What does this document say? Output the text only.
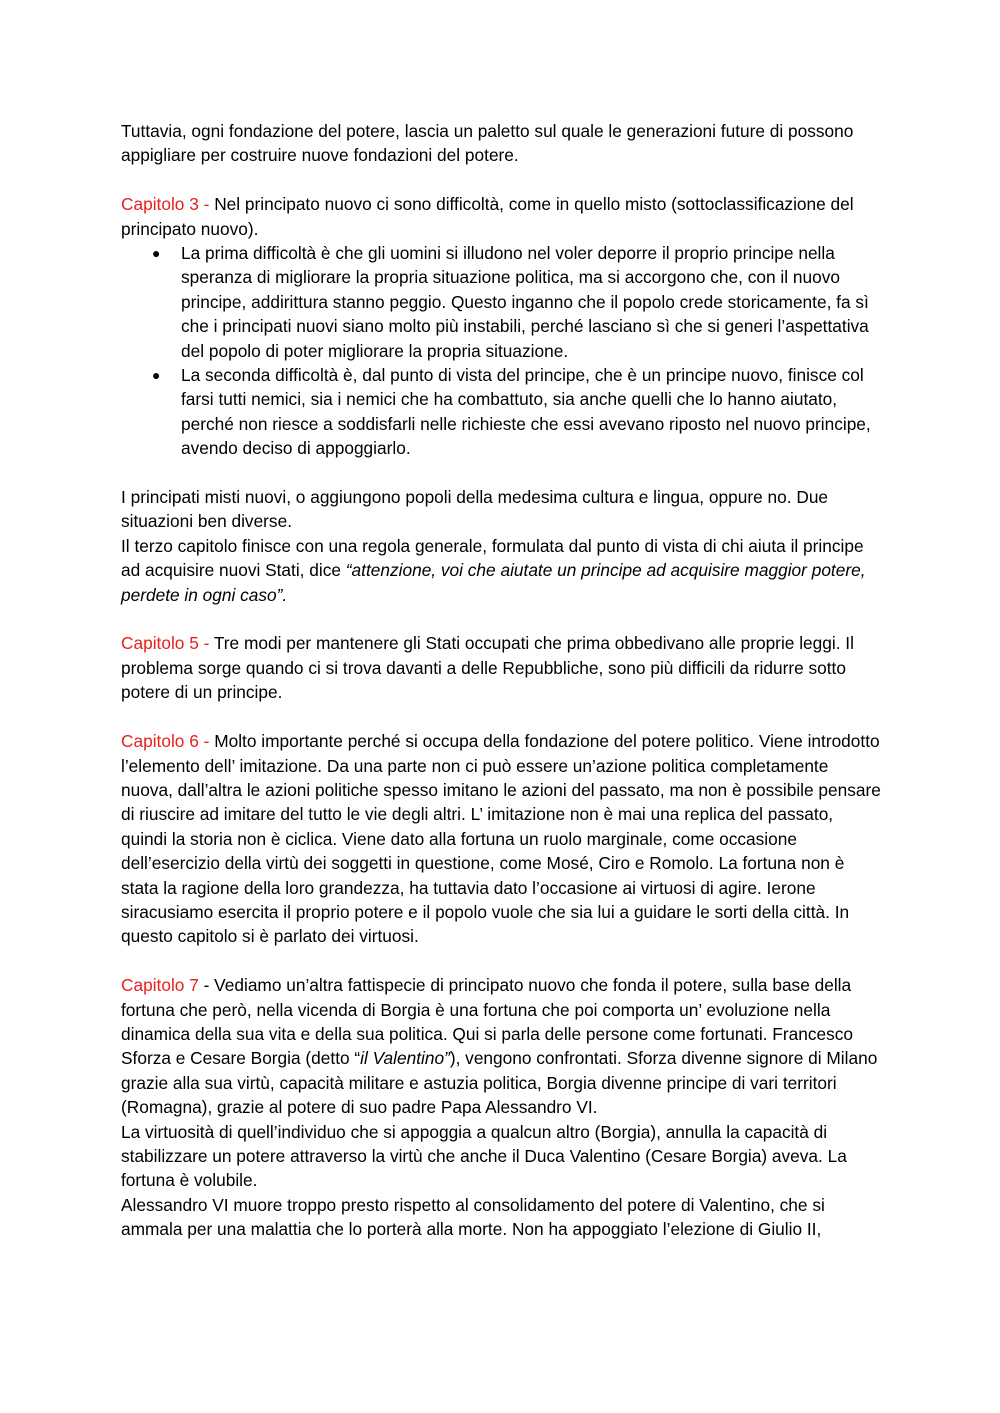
Tuttavia, ogni fondazione del potere, lascia un paletto sul quale le generazioni future di possono appigliare per costruire nuove fondazioni del potere.

Capitolo 3 - Nel principato nuovo ci sono difficoltà, come in quello misto (sottoclassificazione del principato nuovo).

● La prima difficoltà è che gli uomini si illudono nel voler deporre il proprio principe nella speranza di migliorare la propria situazione politica, ma si accorgono che, con il nuovo principe, addirittura stanno peggio. Questo inganno che il popolo crede storicamente, fa sì che i principati nuovi siano molto più instabili, perché lasciano sì che si generi l’aspettativa del popolo di poter migliorare la propria situazione.
● La seconda difficoltà è, dal punto di vista del principe, che è un principe nuovo, finisce col farsi tutti nemici, sia i nemici che ha combattuto, sia anche quelli che lo hanno aiutato, perché non riesce a soddisfarli nelle richieste che essi avevano riposto nel nuovo principe, avendo deciso di appoggiarlo.

I principati misti nuovi, o aggiungono popoli della medesima cultura e lingua, oppure no. Due situazioni ben diverse.

Il terzo capitolo finisce con una regola generale, formulata dal punto di vista di chi aiuta il principe ad acquisire nuovi Stati, dice “attenzione, voi che aiutate un principe ad acquisire maggior potere, perdete in ogni caso”.

Capitolo 5 - Tre modi per mantenere gli Stati occupati che prima obbedivano alle proprie leggi. Il problema sorge quando ci si trova davanti a delle Repubbliche, sono più difficili da ridurre sotto potere di un principe.

Capitolo 6 - Molto importante perché si occupa della fondazione del potere politico. Viene introdotto l’elemento dell’ imitazione. Da una parte non ci può essere un’azione politica completamente nuova, dall’altra le azioni politiche spesso imitano le azioni del passato, ma non è possibile pensare di riuscire ad imitare del tutto le vie degli altri. L’ imitazione non è mai una replica del passato, quindi la storia non è ciclica. Viene dato alla fortuna un ruolo marginale, come occasione dell’esercizio della virtù dei soggetti in questione, come Mosé, Ciro e Romolo. La fortuna non è stata la ragione della loro grandezza, ha tuttavia dato l’occasione ai virtuosi di agire. Ierone siracusiamo esercita il proprio potere e il popolo vuole che sia lui a guidare le sorti della città. In questo capitolo si è parlato dei virtuosi.

Capitolo 7 - Vediamo un’altra fattispecie di principato nuovo che fonda il potere, sulla base della fortuna che però, nella vicenda di Borgia è una fortuna che poi comporta un’ evoluzione nella dinamica della sua vita e della sua politica. Qui si parla delle persone come fortunati. Francesco Sforza e Cesare Borgia (detto “il Valentino”), vengono confrontati. Sforza divenne signore di Milano grazie alla sua virtù, capacità militare e astuzia politica, Borgia divenne principe di vari territori (Romagna), grazie al potere di suo padre Papa Alessandro VI.

La virtuosità di quell’individuo che si appoggia a qualcun altro (Borgia), annulla la capacità di stabilizzare un potere attraverso la virtù che anche il Duca Valentino (Cesare Borgia) aveva. La fortuna è volubile.

Alessandro VI muore troppo presto rispetto al consolidamento del potere di Valentino, che si ammala per una malattia che lo porterà alla morte. Non ha appoggiato l’elezione di Giulio II,
